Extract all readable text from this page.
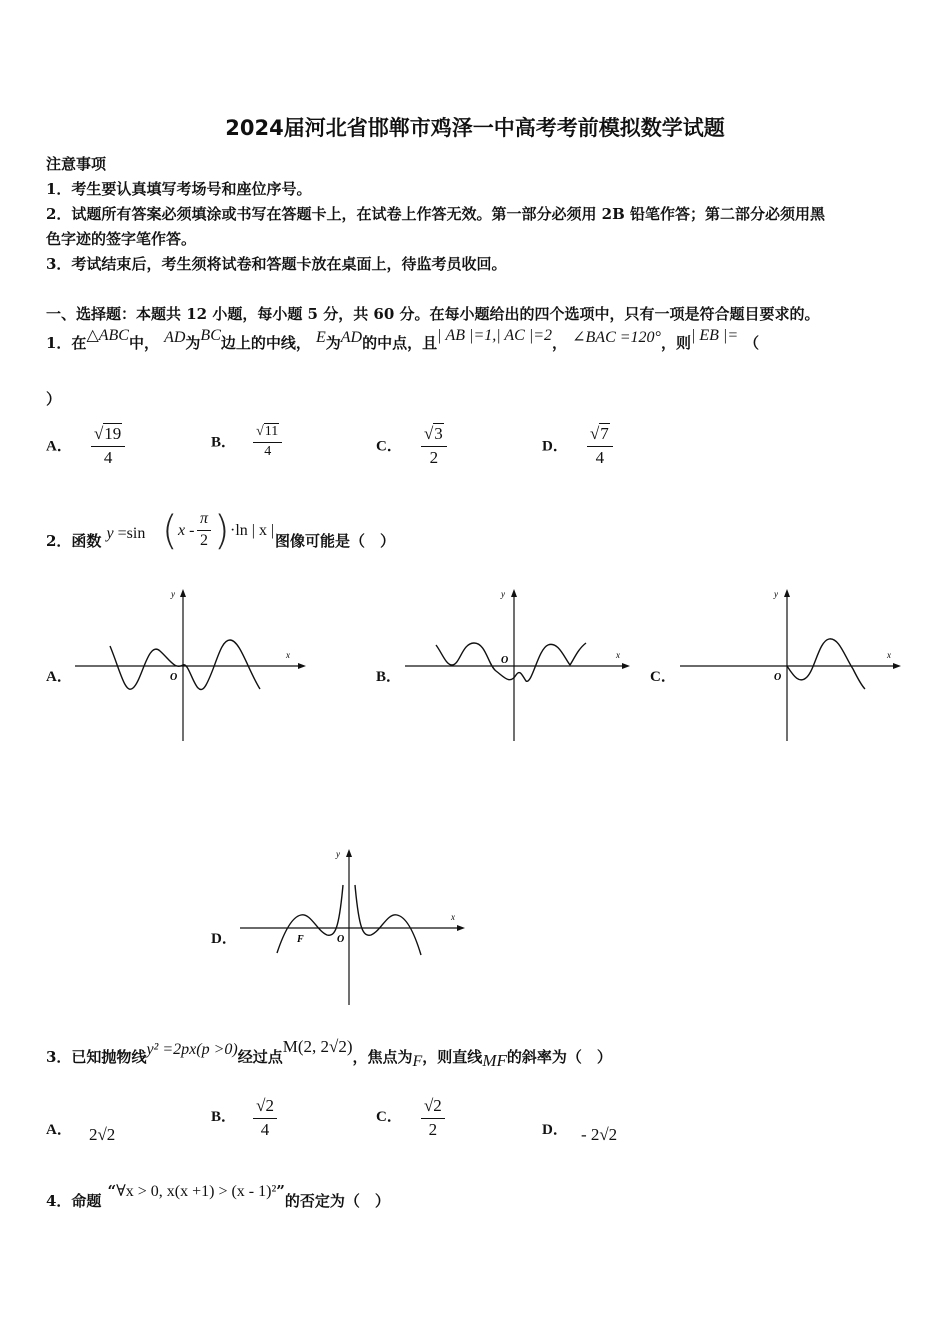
2024届河北省邯郸市鸡泽一中高考考前模拟数学试题
注意事项
1．考生要认真填写考场号和座位序号。
2．试题所有答案必须填涂或书写在答题卡上，在试卷上作答无效。第一部分必须用 2B 铅笔作答；第二部分必须用黑
色字迹的签字笔作答。
3．考试结束后，考生须将试卷和答题卡放在桌面上，待监考员收回。
一、选择题：本题共 12 小题，每小题 5 分，共 60 分。在每小题给出的四个选项中，只有一项是符合题目要求的。
1．在△ABC中， AD为BC边上的中线， E为AD的中点，且| AB |=1,| AC |=2， ∠BAC =120°，则| EB |= （
）
A． $\frac{√19}{4}$	B． $\frac{√11}{4}$	C． $\frac{√3}{2}$	D． $\frac{√7}{4}$
2．函数 y =sin ( x - $\frac{\pi}{2}$ ) ·ln | x |
图像可能是（　）
A．	B．	C．
D．
x
y
O
x
y
O	x
y
O
x
y
O
F
3．已知抛物线y² =2px(p >0)经过点M(2, 2√2)，焦点为F，则直线MF的斜率为（　）
A． 2√2
B． $\frac{√2}{4}$	C． $\frac{√2}{2}$	D． - 2√2
4．命题“∀x > 0, x(x +1) > (x - 1)²”的否定为（　）
